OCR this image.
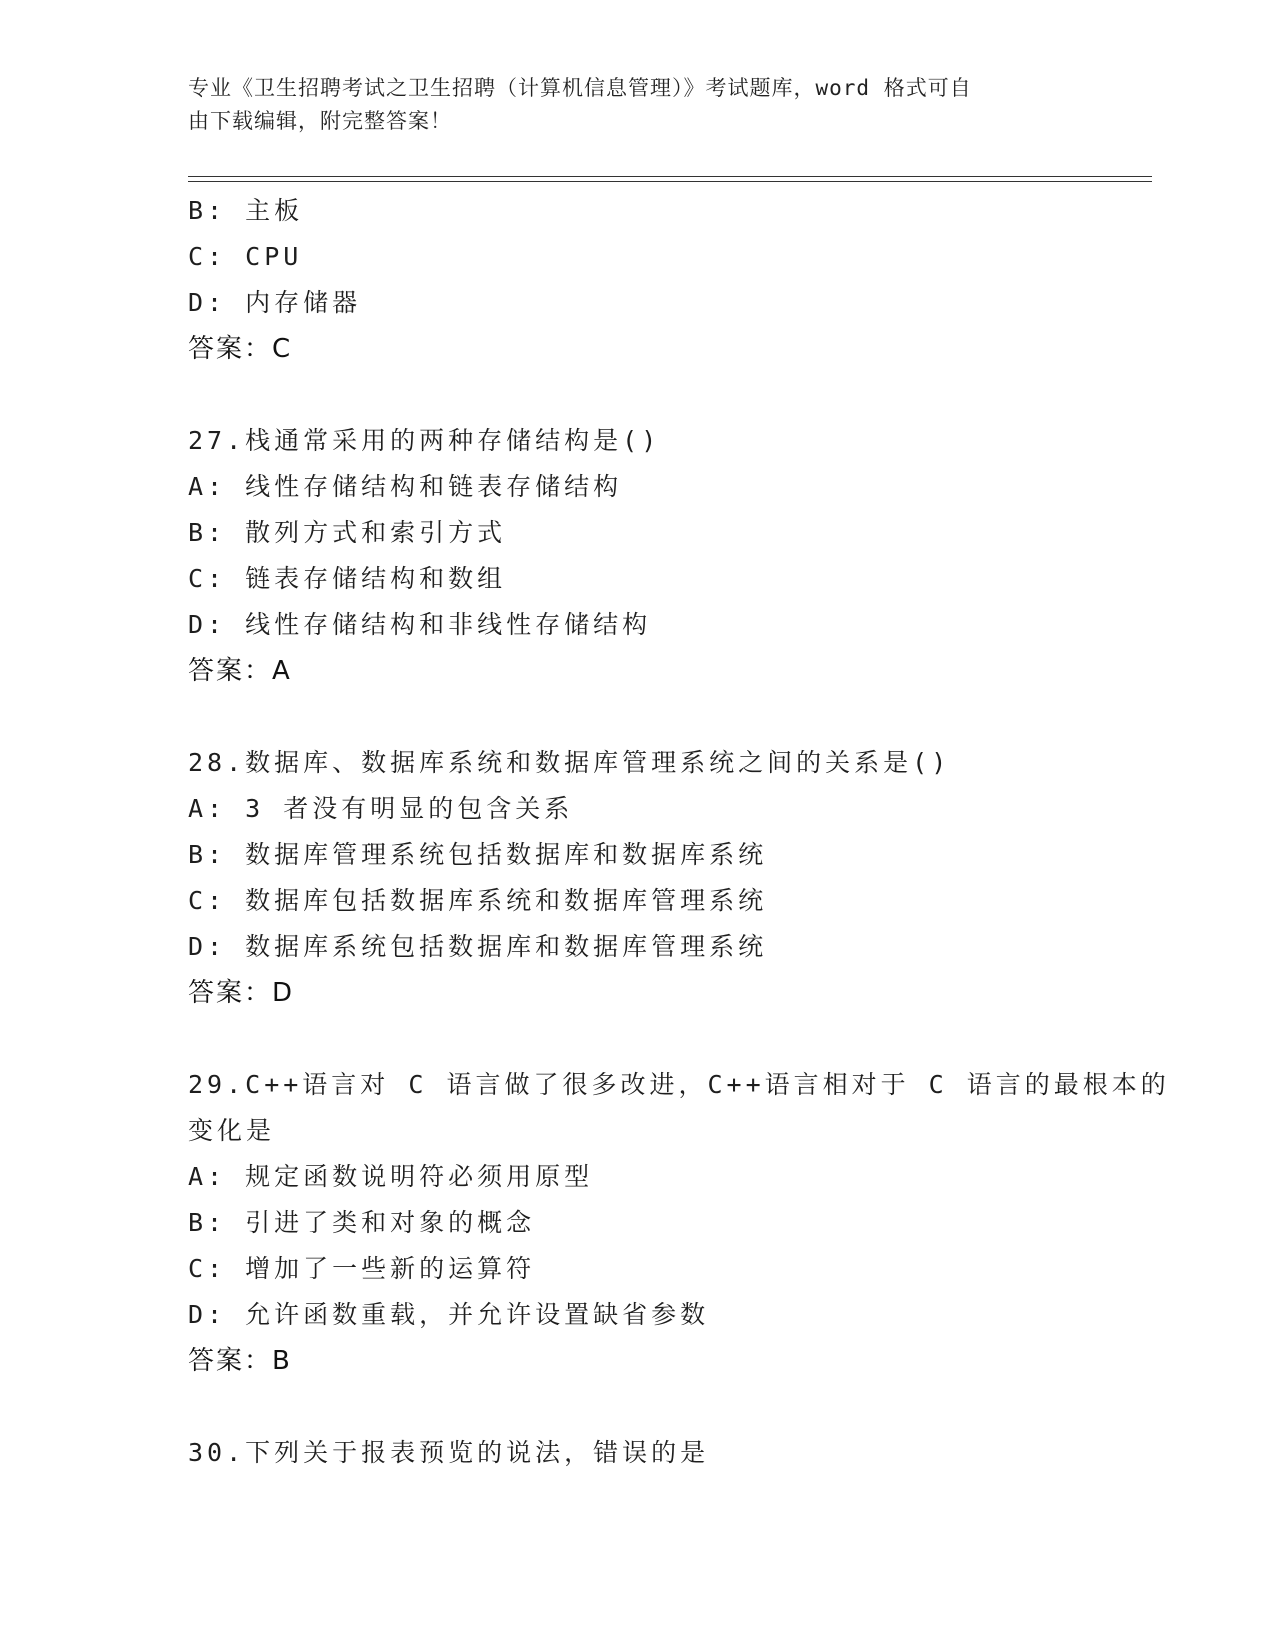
专业《卫生招聘考试之卫生招聘（计算机信息管理）》考试题库，word 格式可自
由下载编辑，附完整答案！
B: 主板
C: CPU
D: 内存储器
答案：C
27.栈通常采用的两种存储结构是()
A: 线性存储结构和链表存储结构
B: 散列方式和索引方式
C: 链表存储结构和数组
D: 线性存储结构和非线性存储结构
答案：A
28.数据库、数据库系统和数据库管理系统之间的关系是()
A: 3 者没有明显的包含关系
B: 数据库管理系统包括数据库和数据库系统
C: 数据库包括数据库系统和数据库管理系统
D: 数据库系统包括数据库和数据库管理系统
答案：D
29.C++语言对 C 语言做了很多改进，C++语言相对于 C 语言的最根本的
变化是
A: 规定函数说明符必须用原型
B: 引进了类和对象的概念
C: 增加了一些新的运算符
D: 允许函数重载，并允许设置缺省参数
答案：B
30.下列关于报表预览的说法，错误的是
